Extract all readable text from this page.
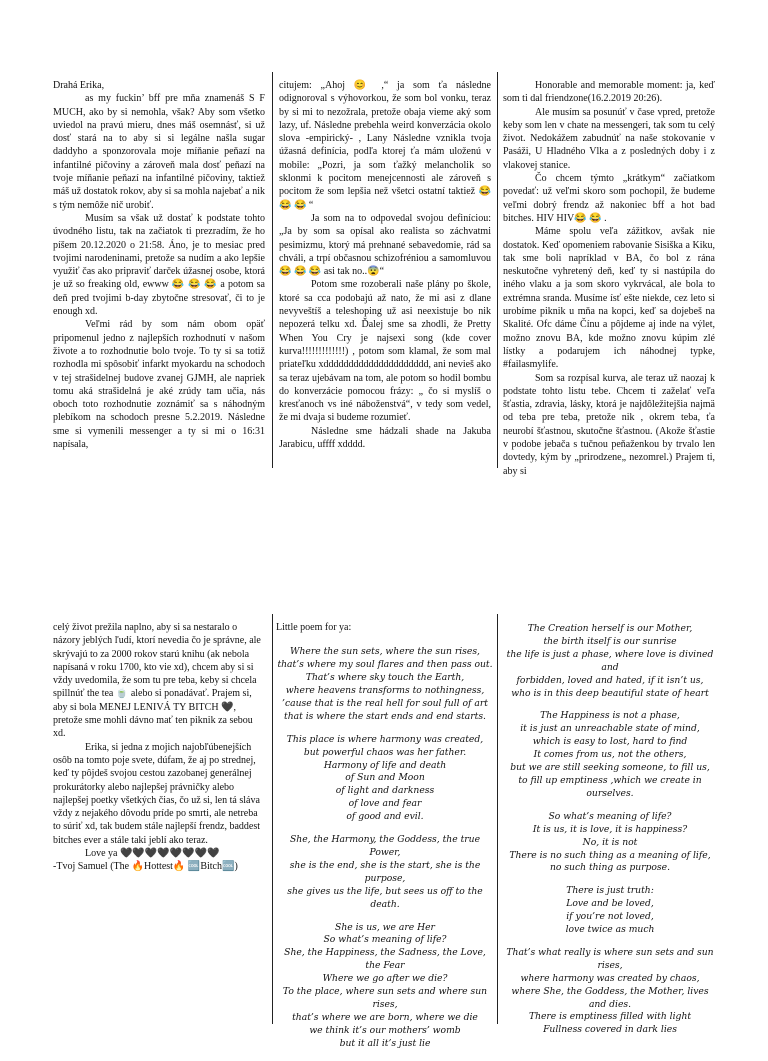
Drahá Erika,

as my fuckin’ bff pre mňa znamenáš S F MUCH, ako by si nemohla, však? Aby som všetko uviedol na pravú mieru, dnes máš osemnásť, si už dosť stará na to aby si si legálne našla sugar daddyho a sponzorovala moje míňanie peňazí na infantilné pičoviny a zároveň mala dosť peňazí na tvoje míňanie peňazí na infantilné pičoviny, taktiež máš už dostatok rokov, aby si sa mohla najebať a nik s tým nemôže nič urobiť.

Musím sa však už dostať k podstate tohto úvodného listu, tak na začiatok ti prezradím, že ho píšem 20.12.2020 o 21:58. Áno, je to mesiac pred tvojimi narodeninami, pretože sa nudím a ako lepšie využiť čas ako pripraviť darček úžasnej osobe, ktorá je už so freaking old, ewww 😂 😂 😂 a potom sa deň pred tvojimi b-day zbytočne stresovať, či to je enough xd.

Veľmi rád by som nám obom opäť pripomenul jedno z najlepších rozhodnutí v našom živote a to rozhodnutie bolo tvoje. To ty si sa totiž rozhodla mi spôsobiť infarkt myokardu na schodoch v tej strašidelnej budove zvanej GJMH, ale napriek tomu aká strašidelná je aké zrúdy tam učia, nás oboch toto rozhodnutie zoznámiť sa s náhodným plebíkom na schodoch presne 5.2.2019. Následne sme si vymenili messenger a ty si mi o 16:31 napísala,

citujem: „Ahoj 😊 ,“ ja som ťa následne odignoroval s výhovorkou, že som bol vonku, teraz by si mi to nezožrala, pretože obaja vieme aký som lazy, uf. Následne prebehla weird konverzácia okolo slova -empirický- , Lany Následne vznikla tvoja úžasná definícia, podľa ktorej ťa mám uloženú v mobile: „Pozri, ja som ťažký melancholik so sklonmi k pocitom menejcennosti ale zároveň s pocitom že som lepšia než všetci ostatní taktiež 😂 😂 😂 “

Ja som na to odpovedal svojou definíciou: „Ja by som sa opísal ako realista so záchvatmi pesimizmu, ktorý má prehnané sebavedomie, rád sa chváli, a trpí občasnou schizofréniou a samomluvou 😂 😂 😂 asi tak no..😨“

Potom sme rozoberali naše plány po škole, ktoré sa cca podobajú až nato, že mi asi z dlane nevyveštíš a teleshoping už asi neexistuje bo nik nepozerá telku xd. Ďalej sme sa zhodli, že Pretty When You Cry je najsexi song (kde cover kurva!!!!!!!!!!!!!) , potom som klamal, že som mal priateľku xddddddddddddddddddddd, ani nevieš ako sa teraz ujebávam na tom, ale potom so hodil bombu do konverzácie pomocou frázy: „ čo si myslíš o kresťanoch vs iné náboženstvá“, v tedy som vedel, že mi dvaja si budeme rozumieť.

Následne sme hádzali shade na Jakuba Jarabicu, uffff xdddd.

Honorable and memorable moment: ja, keď som ti dal friendzone(16.2.2019 20:26).

Ale musím sa posunúť v čase vpred, pretože keby som len v chate na messengeri, tak som tu celý život. Nedokážem zabudnúť na naše stokovanie v Pasáži, U Hladného Vlka a z posledných doby i z vlakovej stanice.

Čo chcem týmto „krátkym“ začiatkom povedať: už veľmi skoro som pochopil, že budeme veľmi dobrý frendz až nakoniec bff a hot bad bitches. HIV HIV😂 😂 .

Máme spolu veľa zážitkov, avšak nie dostatok. Keď opomeniem rabovanie Sisiška a Kiku, tak sme boli napríklad v BA, čo bol z rána neskutočne vyhretený deň, keď ty si nastúpila do iného vlaku a ja som skoro vykrvácal, ale bola to extrémna sranda. Musíme ísť ešte niekde, cez leto si urobíme piknik u mňa na kopci, keď sa dojebeš na Skalité. Ofc dáme Čínu a pôjdeme aj inde na výlet, možno znovu BA, kde možno znovu kúpim zlé lístky a podarujem ich náhodnej typke, #failasmylife.

Som sa rozpísal kurva, ale teraz už naozaj k podstate tohto listu tebe. Chcem ti zaželať veľa šťastia, zdravia, lásky, ktorá je najdôležitejšia najmä od teba pre teba, pretože nik , okrem teba, ťa neurobí šťastnou, skutočne šťastnou. (Akože šťastie v podobe jebača s tučnou peňaženkou by trvalo len dovtedy, kým by „prirodzene„ nezomrel.) Prajem ti, aby si

celý život prežila naplno, aby si sa nestaralo o názory jeblých ľudí, ktorí nevedia čo je správne, ale skrývajú to za 2000 rokov starú knihu (ak nebola napísaná v roku 1700, kto vie xd), chcem aby si si vždy uvedomila, že som tu pre teba, keby si chcela spillnúť the tea 🍵 alebo si ponadávať. Prajem si, aby si bola MENEJ LENIVÁ TY BITCH 🖤, pretože sme mohli dávno mať ten piknik za sebou xd.

Erika, si jedna z mojich najobľúbenejších osôb na tomto poje svete, dúfam, že aj po strednej, keď ty pôjdeš svojou cestou zazobanej generálnej prokurátorky alebo najlepšej právničky alebo najlepšej poetky všetkých čias, čo už si, len tá sláva vždy z nejakého dôvodu príde po smrti, ale netreba to súriť xd, tak budem stále najlepší frendz, baddest bitches ever a stále taki jeblí ako teraz.

Love ya 🖤🖤🖤🖤🖤🖤🖤🖤

-Tvoj Samuel (The 🔥Hottest🔥 🆒Bitch🆒)

Little poem for ya:

Where the sun sets, where the sun rises,
that’s where my soul flares and then pass out.
That’s where sky touch the Earth,
where heavens transforms to nothingness,
’cause that is the real hell for soul full of art
that is where the start ends and end starts.

This place is where harmony was created,
but powerful chaos was her father.
Harmony of life and death
of Sun and Moon
of light and darkness
of love and fear
of good and evil.

She, the Harmony, the Goddess, the true Power,
she is the end, she is the start, she is the purpose,
she gives us the life, but sees us off to the death.

She is us, we are Her
So what’s meaning of life?
She, the Happiness, the Sadness, the Love, the Fear
Where we go after we die?
To the place, where sun sets and where sun rises,
that’s where we are born, where we die
we think it’s our mothers’ womb
but it all it’s just lie

The Creation herself is our Mother,
the birth itself is our sunrise
the life is just a phase, where love is divined and
forbidden, loved and hated, if it isn’t us,
who is in this deep beautiful state of heart

The Happiness is not a phase,
it is just an unreachable state of mind,
which is easy to lost, hard to find
It comes from us, not the others,
but we are still seeking someone, to fill us,
to fill up emptiness ,which we create in ourselves.

So what’s meaning of life?
It is us, it is love, it is happiness?
No, it is not
There is no such thing as a meaning of life,
no such thing as purpose.

There is just truth:
Love and be loved,
if you’re not loved,
love twice as much

That’s what really is where sun sets and sun rises,
where harmony was created by chaos,
where She, the Goddess, the Mother, lives and dies.
There is emptiness filled with light
Fullness covered in dark lies
